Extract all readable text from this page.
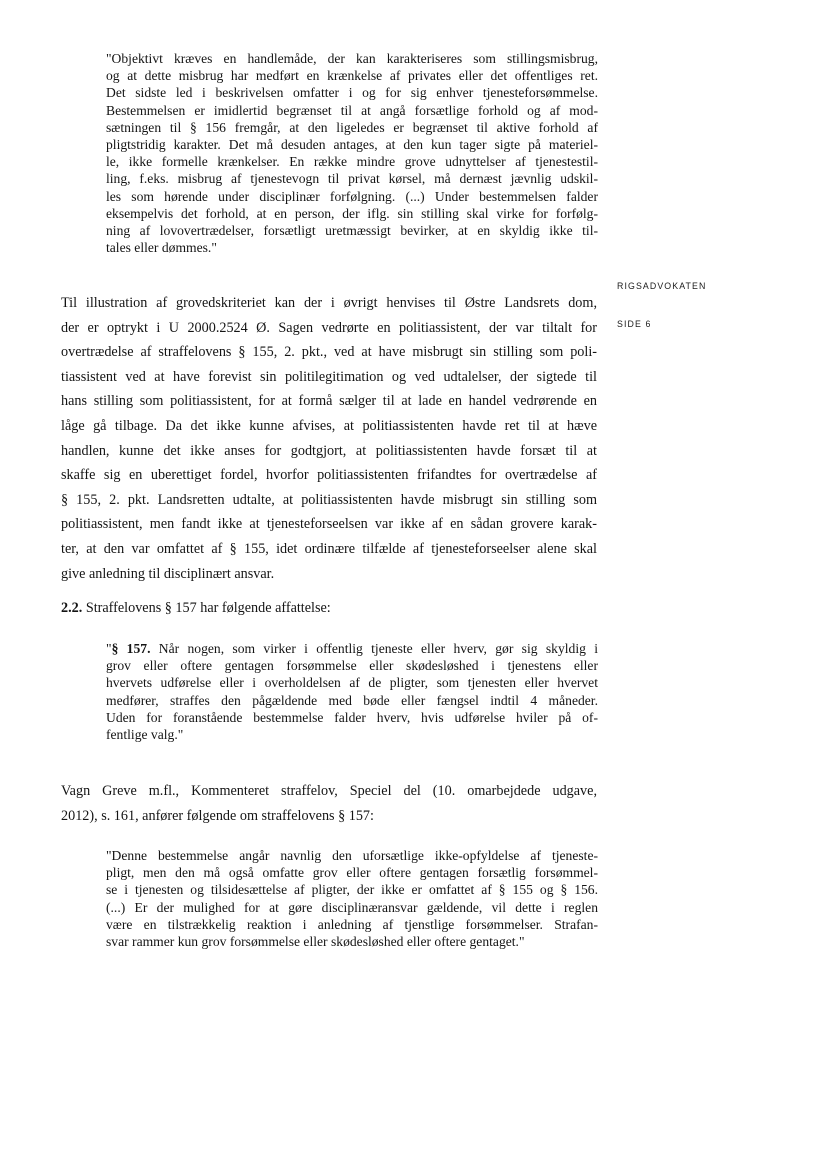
RIGSADVOKATEN
SIDE 6
"Objektivt kræves en handlemåde, der kan karakteriseres som stillingsmisbrug,
og at dette misbrug har medført en krænkelse af privates eller det offentliges ret.
Det sidste led i beskrivelsen omfatter i og for sig enhver tjenesteforsømmelse.
Bestemmelsen er imidlertid begrænset til at angå forsætlige forhold og af mod-
sætningen til § 156 fremgår, at den ligeledes er begrænset til aktive forhold af
pligtstridig karakter. Det må desuden antages, at den kun tager sigte på materiel-
le, ikke formelle krænkelser. En række mindre grove udnyttelser af tjenestestil-
ling, f.eks. misbrug af tjenestevogn til privat kørsel, må dernæst jævnlig udskil-
les som hørende under disciplinær forfølgning. (...) Under bestemmelsen falder
eksempelvis det forhold, at en person, der iflg. sin stilling skal virke for forfølg-
ning af lovovertrædelser, forsætligt uretmæssigt bevirker, at en skyldig ikke til-
tales eller dømmes."
Til illustration af grovedskriteriet kan der i øvrigt henvises til Østre Landsrets dom,
der er optrykt i U 2000.2524 Ø. Sagen vedrørte en politiassistent, der var tiltalt for
overtrædelse af straffelovens § 155, 2. pkt., ved at have misbrugt sin stilling som poli-
tiassistent ved at have forevist sin politilegitimation og ved udtalelser, der sigtede til
hans stilling som politiassistent, for at formå sælger til at lade en handel vedrørende en
låge gå tilbage. Da det ikke kunne afvises, at politiassistenten havde ret til at hæve
handlen, kunne det ikke anses for godtgjort, at politiassistenten havde forsæt til at
skaffe sig en uberettiget fordel, hvorfor politiassistenten frifandtes for overtrædelse af
§ 155, 2. pkt. Landsretten udtalte, at politiassistenten havde misbrugt sin stilling som
politiassistent, men fandt ikke at tjenesteforseelsen var ikke af en sådan grovere karak-
ter, at den var omfattet af § 155, idet ordinære tilfælde af tjenesteforseelser alene skal
give anledning til disciplinært ansvar.
2.2. Straffelovens § 157 har følgende affattelse:
"§ 157. Når nogen, som virker i offentlig tjeneste eller hverv, gør sig skyldig i
grov eller oftere gentagen forsømmelse eller skødesløshed i tjenestens eller
hvervets udførelse eller i overholdelsen af de pligter, som tjenesten eller hvervet
medfører, straffes den pågældende med bøde eller fængsel indtil 4 måneder.
Uden for foranstående bestemmelse falder hverv, hvis udførelse hviler på of-
fentlige valg."
Vagn Greve m.fl., Kommenteret straffelov, Speciel del (10. omarbejdede udgave,
2012), s. 161, anfører følgende om straffelovens § 157:
"Denne bestemmelse angår navnlig den uforsætlige ikke-opfyldelse af tjeneste-
pligt, men den må også omfatte grov eller oftere gentagen forsætlig forsømmel-
se i tjenesten og tilsidesættelse af pligter, der ikke er omfattet af § 155 og § 156.
(...) Er der mulighed for at gøre disciplinæransvar gældende, vil dette i reglen
være en tilstrækkelig reaktion i anledning af tjenstlige forsømmelser. Strafan-
svar rammer kun grov forsømmelse eller skødesløshed eller oftere gentaget."
